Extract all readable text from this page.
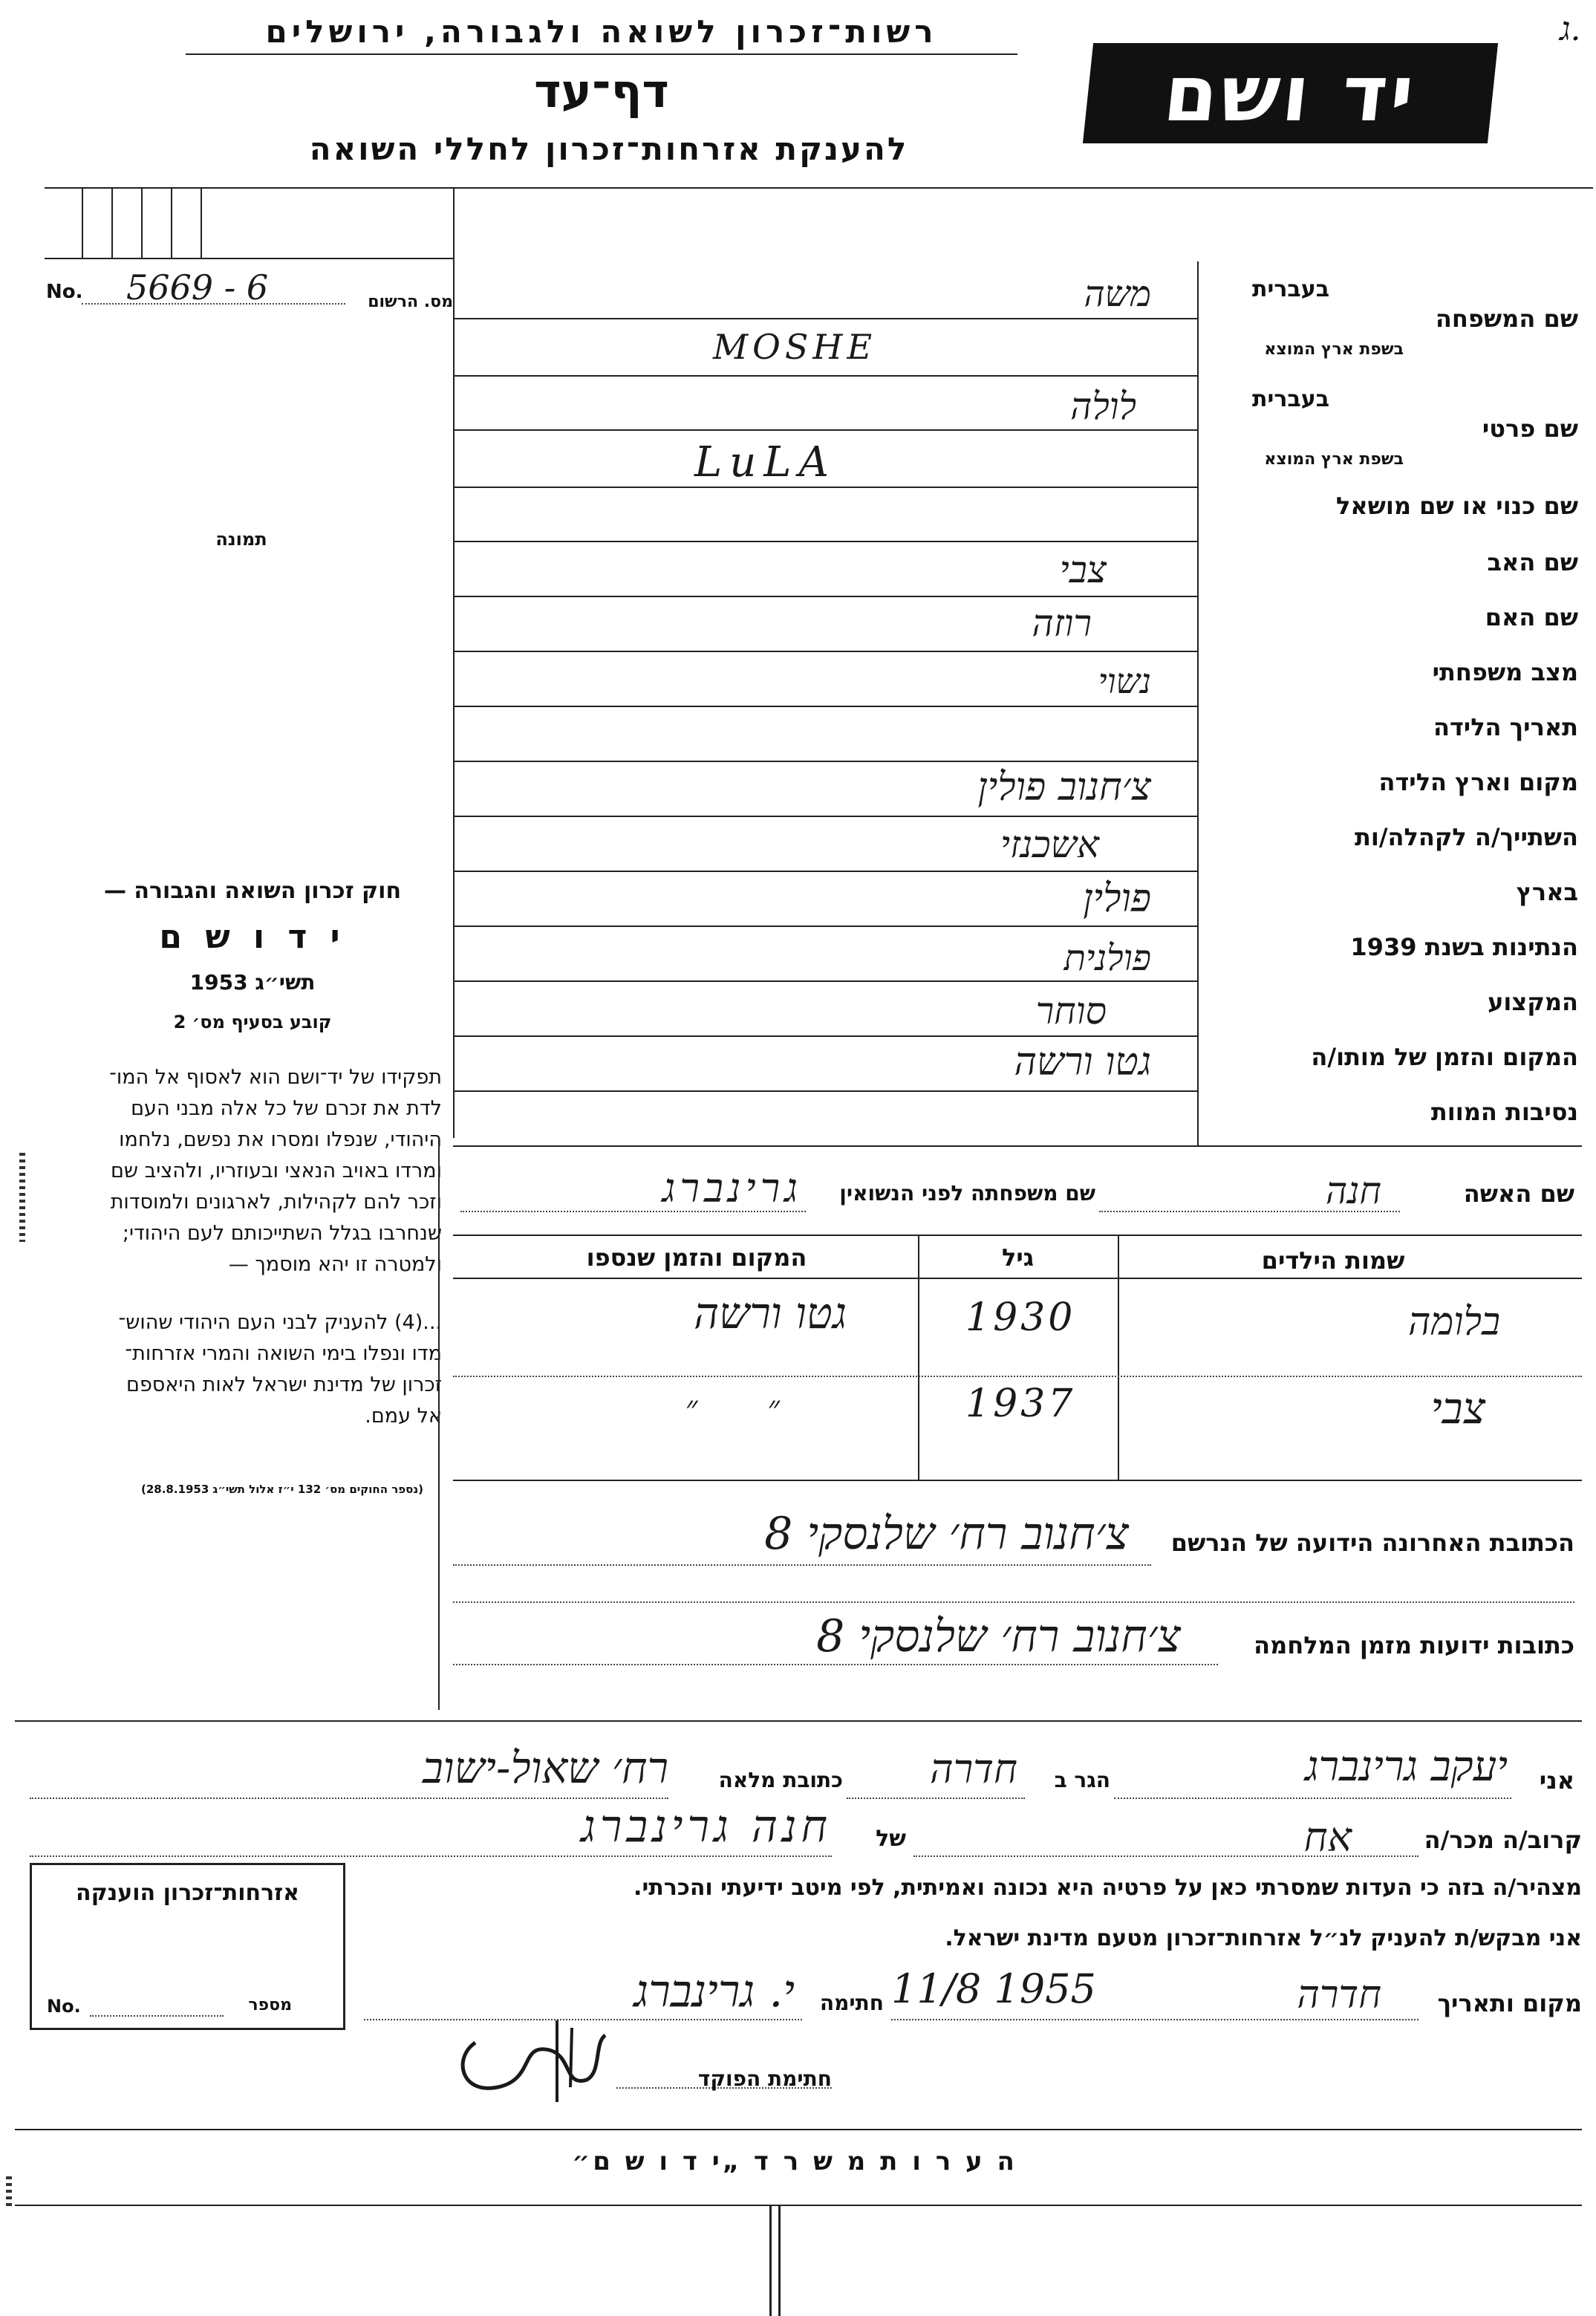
רשות־זכרון לשואה ולגבורה, ירושלים
דף־עד
להענקת אזרחות־זכרון לחללי השואה
יד ושם
ג.
No. 5669 - 6	מס. הרשום
תמונה
חוק זכרון השואה והגבורה —
י ד ו ש ם
תשי״ג 1953
קובע בסעיף מס׳ 2
תפקידו של יד־ושם הוא לאסוף אל המו־
לדת את זכרם של כל אלה מבני העם
היהודי, שנפלו ומסרו את נפשם, נלחמו
ומרדו באויב הנאצי ובעוזריו, ולהציב שם
וזכר להם לקהילות, לארגונים ולמוסדות
שנחרבו בגלל השתייכותם לעם היהודי;
ולמטרה זו יהא מוסמך —
...(4) להעניק לבני העם היהודי שהוש־
מדו ונפלו בימי השואה והמרי אזרחות־
זכרון של מדינת ישראל לאות היאספם
אל עמם.
(נספר החוקים מס׳ 132 י״ז אלול תשי״ג 28.8.1953)
בעברית
שם המשפחה
בשפת ארץ המוצא
משה
MOSHE
בעברית
שם פרטי
בשפת ארץ המוצא
לולה
LuLA
שם כנוי או שם מושאל
שם האב
צבי
שם האם
רוזה
מצב משפחתי
נשוי
תאריך הלידה
מקום וארץ הלידה
צ׳חנוב פולין
השתייך/ה לקהלה/ות
אשכנזי
בארץ
פולין
הנתינות בשנת 1939
פולנית
המקצוע
סוחר
המקום והזמן של מותו/ה
גטו ורשה
נסיבות המוות
שם האשה
חנה
שם משפחתה לפני הנשואין
גרינברג
שמות הילדים
גיל
המקום והזמן שנספו
בלומה
1930
גטו ורשה
צבי
1937
״ ״
הכתובת האחרונה הידועה של הנרשם
צ׳חנוב רח׳ שלנסקי 8
כתובות ידועות מזמן המלחמה
צ׳חנוב רח׳ שלנסקי 8
אני
יעקב גרינברג
הגר ב
חדרה
כתובת מלאה
רח׳ שאול-ישוב
קרוב/ה מכר/ה
אח
של
חנה גרינברג
מצהיר/ה בזה כי העדות שמסרתי כאן על פרטיה היא נכונה ואמיתית, לפי מיטב ידיעתי והכרתי.
אני מבקש/ת להעניק לנ״ל אזרחות־זכרון מטעם מדינת ישראל.
מקום ותאריך
חדרה
11/8 1955
חתימה
י. גרינברג
חתימת הפוקד
אזרחות־זכרון הוענקה
No.	מספר
ה ע ר ו ת מ ש ר ד „י ד ו ש ם״
